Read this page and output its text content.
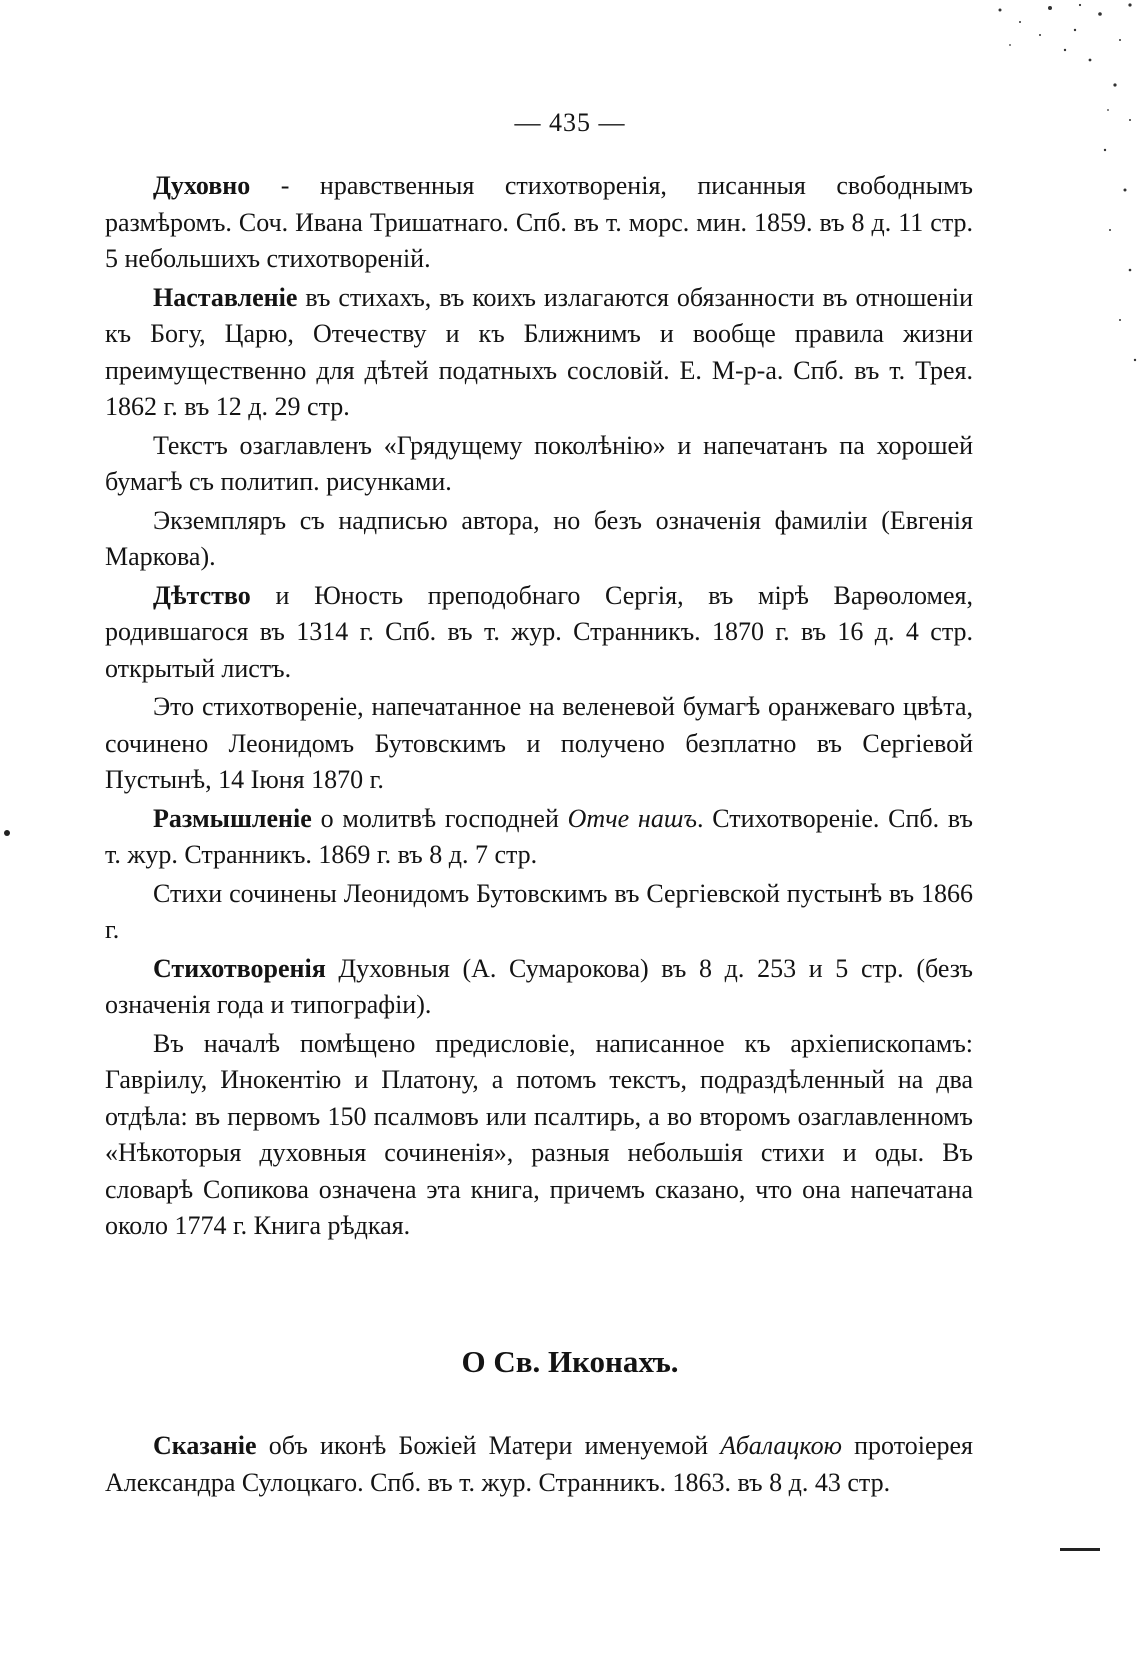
— 435 —

Духовно - нравственныя стихотворенія, писанныя свободнымъ размѣромъ. Соч. Ивана Тришатнаго. Спб. въ т. морс. мин. 1859. въ 8 д. 11 стр. 5 небольшихъ стихотвореній.

Наставленіе въ стихахъ, въ коихъ излагаются обязанности въ отношеніи къ Богу, Царю, Отечеству и къ Ближнимъ и вообще правила жизни преимущественно для дѣтей податныхъ сословій. Е. М-р-а. Спб. въ т. Трея. 1862 г. въ 12 д. 29 стр.

Текстъ озаглавленъ «Грядущему поколѣнію» и напечатанъ па хорошей бумагѣ съ политип. рисунками.

Экземпляръ съ надписью автора, но безъ означенія фамиліи (Евгенія Маркова).

Дѣтство и Юность преподобнаго Сергія, въ мірѣ Варѳоломея, родившагося въ 1314 г. Спб. въ т. жур. Странникъ. 1870 г. въ 16 д. 4 стр. открытый листъ.

Это стихотвореніе, напечатанное на веленевой бумагѣ оранжеваго цвѣта, сочинено Леонидомъ Бутовскимъ и получено безплатно въ Сергіевой Пустынѣ, 14 Іюня 1870 г.

Размышленіе о молитвѣ господней Отче нашъ. Стихотвореніе. Спб. въ т. жур. Странникъ. 1869 г. въ 8 д. 7 стр.

Стихи сочинены Леонидомъ Бутовскимъ въ Сергіевской пустынѣ въ 1866 г.

Стихотворенія Духовныя (А. Сумарокова) въ 8 д. 253 и 5 стр. (безъ означенія года и типографіи).

Въ началѣ помѣщено предисловіе, написанное къ архіепископамъ: Гавріилу, Инокентію и Платону, а потомъ текстъ, подраздѣленный на два отдѣла: въ первомъ 150 псалмовъ или псалтирь, а во второмъ озаглавленномъ «Нѣкоторыя духовныя сочиненія», разныя небольшія стихи и оды. Въ словарѣ Сопикова означена эта книга, причемъ сказано, что она напечатана около 1774 г. Книга рѣдкая.

О Св. Иконахъ.

Сказаніе объ иконѣ Божіей Матери именуемой Абалацкою протоіерея Александра Сулоцкаго. Спб. въ т. жур. Странникъ. 1863. въ 8 д. 43 стр.
